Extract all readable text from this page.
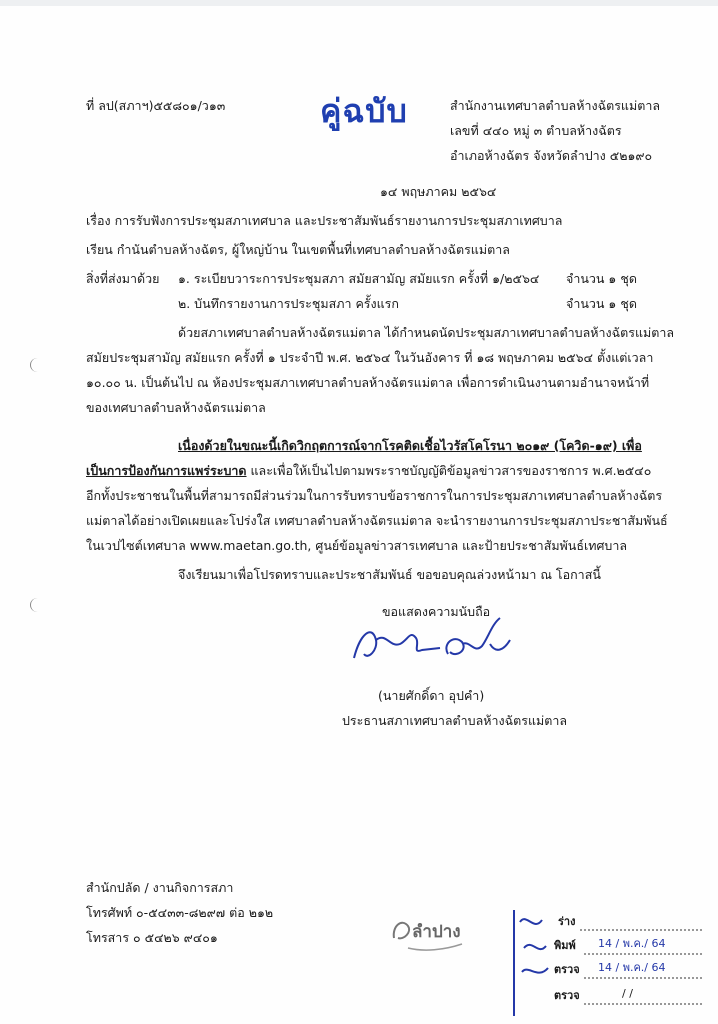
ที่ ลป(สภาฯ)๕๕๘๐๑/ว๑๓	คู่ฉบับ	สำนักงานเทศบาลตำบลห้างฉัตรแม่ตาล
เลขที่ ๔๔๐ หมู่ ๓ ตำบลห้างฉัตร
อำเภอห้างฉัตร จังหวัดลำปาง ๕๒๑๙๐
๑๔ พฤษภาคม ๒๕๖๔
เรื่อง การรับฟังการประชุมสภาเทศบาล และประชาสัมพันธ์รายงานการประชุมสภาเทศบาล
เรียน กำนันตำบลห้างฉัตร, ผู้ใหญ่บ้าน ในเขตพื้นที่เทศบาลตำบลห้างฉัตรแม่ตาล
สิ่งที่ส่งมาด้วย ๑. ระเบียบวาระการประชุมสภา สมัยสามัญ สมัยแรก ครั้งที่ ๑/๒๕๖๔ จำนวน ๑ ชุด
๒. บันทึกรายงานการประชุมสภา ครั้งแรก	จำนวน ๑ ชุด
ด้วยสภาเทศบาลตำบลห้างฉัตรแม่ตาล ได้กำหนดนัดประชุมสภาเทศบาลตำบลห้างฉัตรแม่ตาล
สมัยประชุมสามัญ สมัยแรก ครั้งที่ ๑ ประจำปี พ.ศ. ๒๕๖๔ ในวันอังคาร ที่ ๑๘ พฤษภาคม ๒๕๖๔ ตั้งแต่เวลา
๑๐.๐๐ น. เป็นต้นไป ณ ห้องประชุมสภาเทศบาลตำบลห้างฉัตรแม่ตาล เพื่อการดำเนินงานตามอำนาจหน้าที่
ของเทศบาลตำบลห้างฉัตรแม่ตาล
เนื่องด้วยในขณะนี้เกิดวิกฤตการณ์จากโรคติดเชื้อไวรัสโคโรนา ๒๐๑๙ (โควิด-๑๙) เพื่อ
เป็นการป้องกันการแพร่ระบาด และเพื่อให้เป็นไปตามพระราชบัญญัติข้อมูลข่าวสารของราชการ พ.ศ.๒๕๔๐
อีกทั้งประชาชนในพื้นที่สามารถมีส่วนร่วมในการรับทราบข้อราชการในการประชุมสภาเทศบาลตำบลห้างฉัตร
แม่ตาลได้อย่างเปิดเผยและโปร่งใส เทศบาลตำบลห้างฉัตรแม่ตาล จะนำรายงานการประชุมสภาประชาสัมพันธ์
ในเวปไซต์เทศบาล www.maetan.go.th, ศูนย์ข้อมูลข่าวสารเทศบาล และป้ายประชาสัมพันธ์เทศบาล
จึงเรียนมาเพื่อโปรดทราบและประชาสัมพันธ์ ขอขอบคุณล่วงหน้ามา ณ โอกาสนี้
ขอแสดงความนับถือ
(นายศักดิ์ดา อุปคำ)
ประธานสภาเทศบาลตำบลห้างฉัตรแม่ตาล
สำนักปลัด / งานกิจการสภา
โทรศัพท์ ๐-๕๔๓๓-๘๒๙๗ ต่อ ๒๑๒
โทรสาร ๐ ๕๔๒๖ ๙๔๐๑	ลำปาง
ร่าง
พิมพ์ 14 / พ.ค./ 64
ตรวจ 14 / พ.ค./ 64
ตรวจ	/ /
